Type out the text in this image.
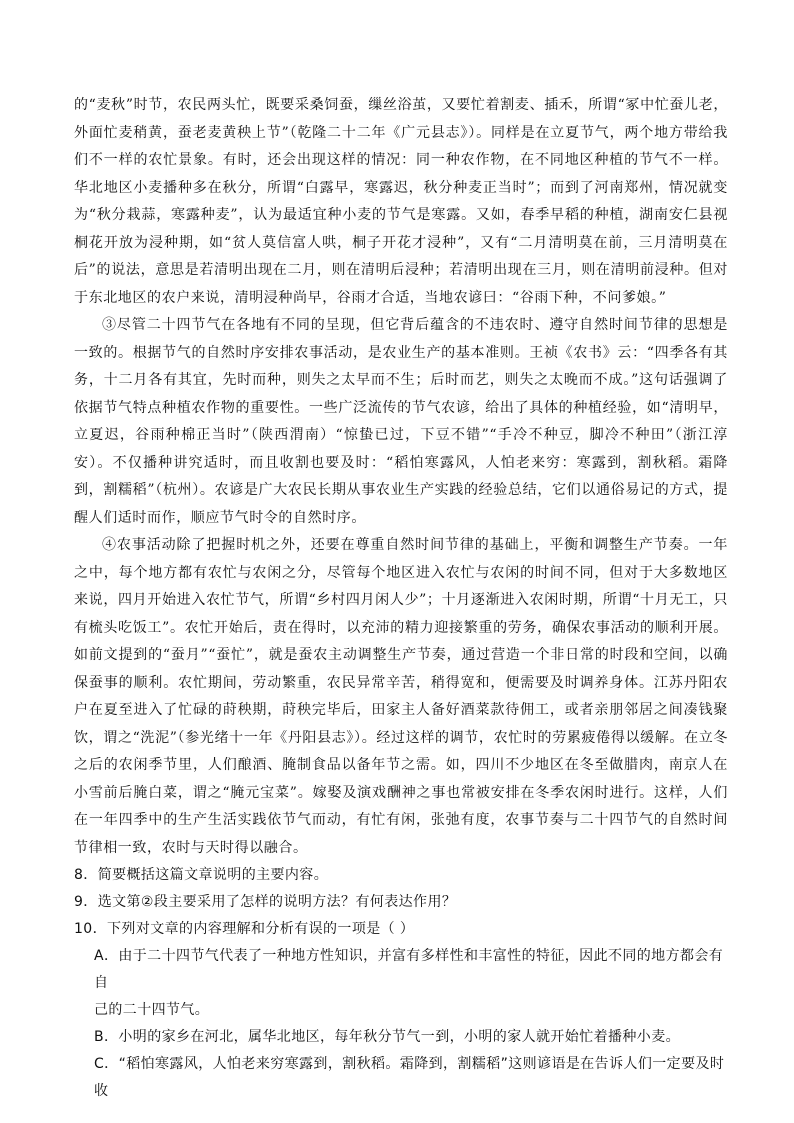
的“麦秋”时节，农民两头忙，既要采桑饲蚕，缫丝浴茧，又要忙着割麦、插禾，所谓“冢中忙蚕儿老，外面忙麦稍黄，蚕老麦黄秧上节”（乾隆二十二年《广元县志》）。同样是在立夏节气，两个地方带给我们不一样的农忙景象。有时，还会出现这样的情况：同一种农作物，在不同地区种植的节气不一样。华北地区小麦播种多在秋分，所谓“白露早，寒露迟，秋分种麦正当时”；而到了河南郑州，情况就变为“秋分栽蒜，寒露种麦”，认为最适宜种小麦的节气是寒露。又如，春季早稻的种植，湖南安仁县视桐花开放为浸种期，如“贫人莫信富人哄，桐子开花才浸种”，又有“二月清明莫在前，三月清明莫在后”的说法，意思是若清明出现在二月，则在清明后浸种；若清明出现在三月，则在清明前浸种。但对于东北地区的农户来说，清明浸种尚早，谷雨才合适，当地农谚曰：“谷雨下种，不问爹娘。”

③尽管二十四节气在各地有不同的呈现，但它背后蕴含的不违农时、遵守自然时间节律的思想是一致的。根据节气的自然时序安排农事活动，是农业生产的基本准则。王祯《农书》云：“四季各有其务，十二月各有其宜，先时而种，则失之太早而不生；后时而艺，则失之太晚而不成。”这句话强调了依据节气特点种植农作物的重要性。一些广泛流传的节气农谚，给出了具体的种植经验，如“清明早，立夏迟，谷雨种棉正当时”（陕西渭南）“惊蛰已过，下豆不错”“手冷不种豆，脚冷不种田”（浙江淳安）。不仅播种讲究适时，而且收割也要及时：“稻怕寒露风，人怕老来穷：寒露到，割秋稻。霜降到，割糯稻”（杭州）。农谚是广大农民长期从事农业生产实践的经验总结，它们以通俗易记的方式，提醒人们适时而作，顺应节气时令的自然时序。

④农事活动除了把握时机之外，还要在尊重自然时间节律的基础上，平衡和调整生产节奏。一年之中，每个地方都有农忙与农闲之分，尽管每个地区进入农忙与农闲的时间不同，但对于大多数地区来说，四月开始进入农忙节气，所谓“乡村四月闲人少”；十月逐渐进入农闲时期，所谓“十月无工，只有梳头吃饭工”。农忙开始后，责在得时，以充沛的精力迎接繁重的劳务，确保农事活动的顺利开展。如前文提到的“蚕月”“蚕忙”，就是蚕农主动调整生产节奏，通过营造一个非日常的时段和空间，以确保蚕事的顺利。农忙期间，劳动繁重，农民异常辛苦，稍得宽和，便需要及时调养身体。江苏丹阳农户在夏至进入了忙碌的莳秧期，莳秧完毕后，田家主人备好酒菜款待佣工，或者亲朋邻居之间凑钱聚饮，谓之“洗泥”（参光绪十一年《丹阳县志》）。经过这样的调节，农忙时的劳累疲倦得以缓解。在立冬之后的农闲季节里，人们酿酒、腌制食品以备年节之需。如，四川不少地区在冬至做腊肉，南京人在小雪前后腌白菜，谓之“腌元宝菜”。嫁娶及演戏酬神之事也常被安排在冬季农闲时进行。这样，人们在一年四季中的生产生活实践依节气而动，有忙有闲，张弛有度，农事节奏与二十四节气的自然时间节律相一致，农时与天时得以融合。

8．简要概括这篇文章说明的主要内容。

9．选文第②段主要采用了怎样的说明方法？有何表达作用？

10．下列对文章的内容理解和分析有误的一项是（ ）

A．由于二十四节气代表了一种地方性知识，并富有多样性和丰富性的特征，因此不同的地方都会有自

己的二十四节气。

B．小明的家乡在河北，属华北地区，每年秋分节气一到，小明的家人就开始忙着播种小麦。

C．“稻怕寒露风，人怕老来穷寒露到，割秋稻。霜降到，割糯稻”这则谚语是在告诉人们一定要及时收
